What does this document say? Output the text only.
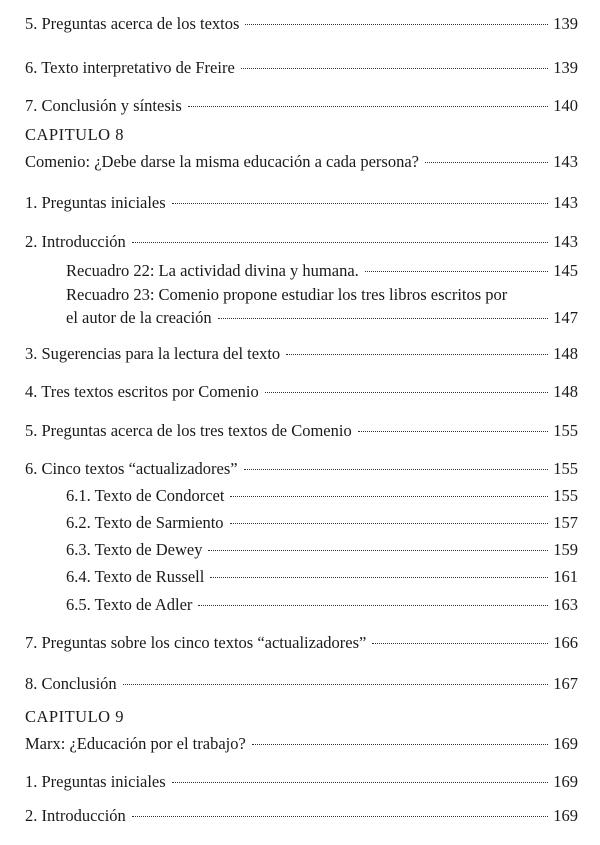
5. Preguntas acerca de los textos	139
6. Texto interpretativo de Freire	139
7. Conclusión y síntesis	140
CAPITULO 8
Comenio: ¿Debe darse la misma educación a cada persona?	143
1. Preguntas iniciales	143
2. Introducción	143
Recuadro 22: La actividad divina y humana.	145
Recuadro 23: Comenio propone estudiar los tres libros escritos por
el autor de la creación	147
3. Sugerencias para la lectura del texto	148
4. Tres textos escritos por Comenio	148
5. Preguntas acerca de los tres textos de Comenio	155
6. Cinco textos “actualizadores”	155
6.1. Texto de Condorcet	155
6.2. Texto de Sarmiento	157
6.3. Texto de Dewey	159
6.4. Texto de Russell	161
6.5. Texto de Adler	163
7. Preguntas sobre los cinco textos “actualizadores”	166
8. Conclusión	167
CAPITULO 9
Marx: ¿Educación por el trabajo?	169
1. Preguntas iniciales	169
2. Introducción	169
